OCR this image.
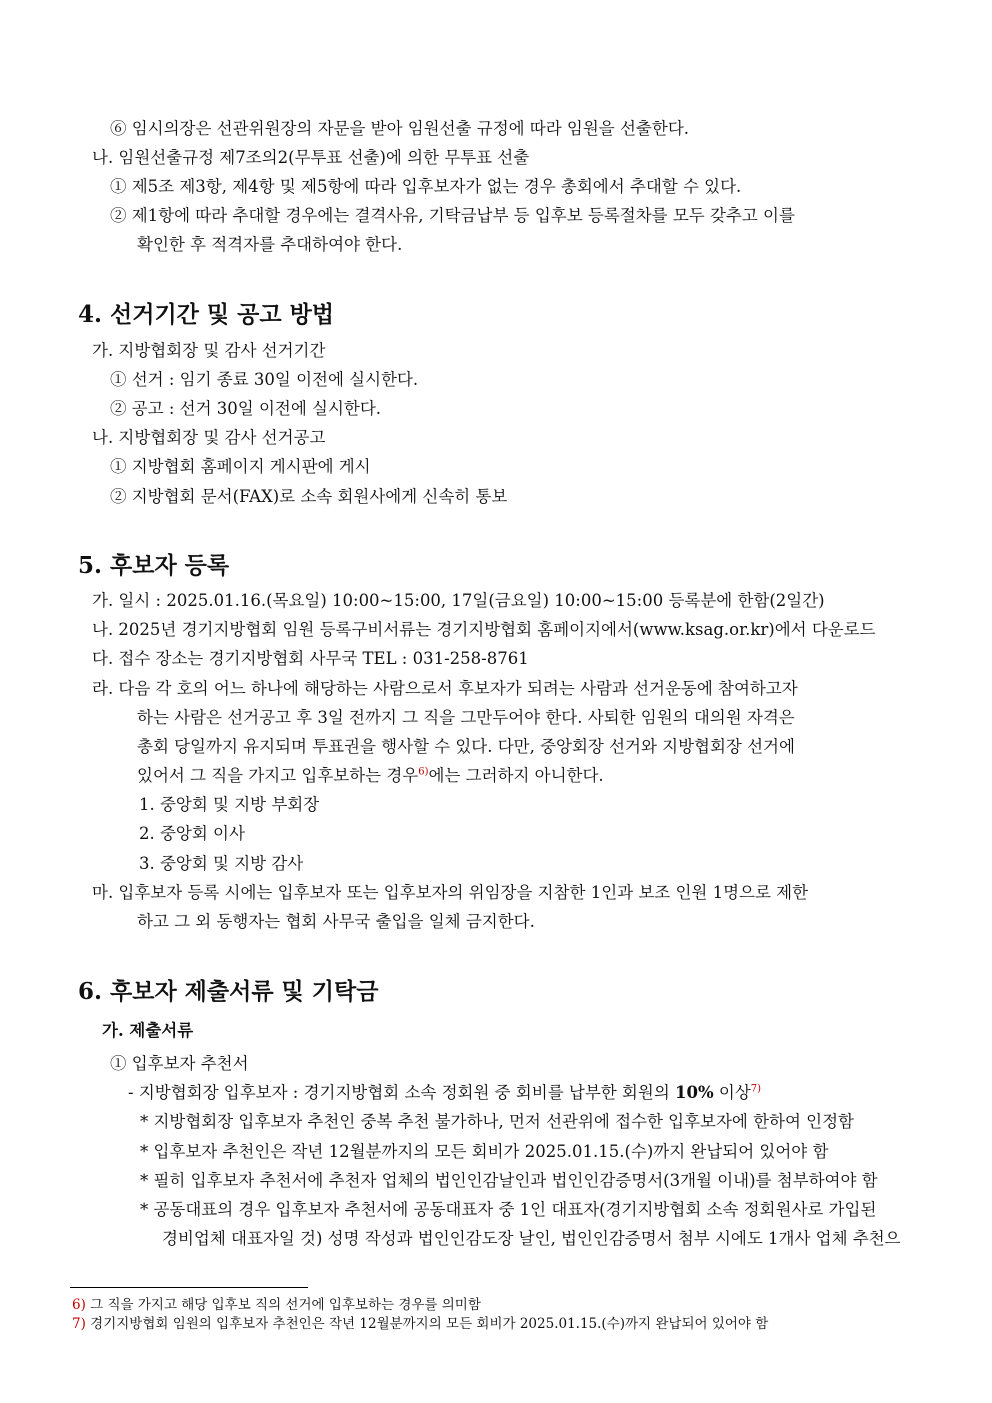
⑥ 임시의장은 선관위원장의 자문을 받아 임원선출 규정에 따라 임원을 선출한다.
나. 임원선출규정 제7조의2(무투표 선출)에 의한 무투표 선출
① 제5조 제3항, 제4항 및 제5항에 따라 입후보자가 없는 경우 총회에서 추대할 수 있다.
② 제1항에 따라 추대할 경우에는 결격사유, 기탁금납부 등 입후보 등록절차를 모두 갖추고 이를
확인한 후 적격자를 추대하여야 한다.
4. 선거기간 및 공고 방법
가. 지방협회장 및 감사 선거기간
① 선거 : 임기 종료 30일 이전에 실시한다.
② 공고 : 선거 30일 이전에 실시한다.
나. 지방협회장 및 감사 선거공고
① 지방협회 홈페이지 게시판에 게시
② 지방협회 문서(FAX)로 소속 회원사에게 신속히 통보
5. 후보자 등록
가. 일시 : 2025.01.16.(목요일) 10:00~15:00, 17일(금요일) 10:00~15:00 등록분에 한함(2일간)
나. 2025년 경기지방협회 임원 등록구비서류는 경기지방협회 홈페이지에서(www.ksag.or.kr)에서 다운로드
다. 접수 장소는 경기지방협회 사무국 TEL : 031-258-8761
라. 다음 각 호의 어느 하나에 해당하는 사람으로서 후보자가 되려는 사람과 선거운동에 참여하고자
하는 사람은 선거공고 후 3일 전까지 그 직을 그만두어야 한다. 사퇴한 임원의 대의원 자격은
총회 당일까지 유지되며 투표권을 행사할 수 있다. 다만, 중앙회장 선거와 지방협회장 선거에
있어서 그 직을 가지고 입후보하는 경우$^{6)}$에는 그러하지 아니한다.
1. 중앙회 및 지방 부회장
2. 중앙회 이사
3. 중앙회 및 지방 감사
마. 입후보자 등록 시에는 입후보자 또는 입후보자의 위임장을 지참한 1인과 보조 인원 1명으로 제한
하고 그 외 동행자는 협회 사무국 출입을 일체 금지한다.
6. 후보자 제출서류 및 기탁금
가. 제출서류
① 입후보자 추천서
- 지방협회장 입후보자 : 경기지방협회 소속 정회원 중 회비를 납부한 회원의 10% 이상$^{7)}$
* 지방협회장 입후보자 추천인 중복 추천 불가하나, 먼저 선관위에 접수한 입후보자에 한하여 인정함
* 입후보자 추천인은 작년 12월분까지의 모든 회비가 2025.01.15.(수)까지 완납되어 있어야 함
* 필히 입후보자 추천서에 추천자 업체의 법인인감날인과 법인인감증명서(3개월 이내)를 첨부하여야 함
* 공동대표의 경우 입후보자 추천서에 공동대표자 중 1인 대표자(경기지방협회 소속 정회원사로 가입된
경비업체 대표자일 것) 성명 작성과 법인인감도장 날인, 법인인감증명서 첨부 시에도 1개사 업체 추천으
6) 그 직을 가지고 해당 입후보 직의 선거에 입후보하는 경우를 의미함
7) 경기지방협회 임원의 입후보자 추천인은 작년 12월분까지의 모든 회비가 2025.01.15.(수)까지 완납되어 있어야 함
